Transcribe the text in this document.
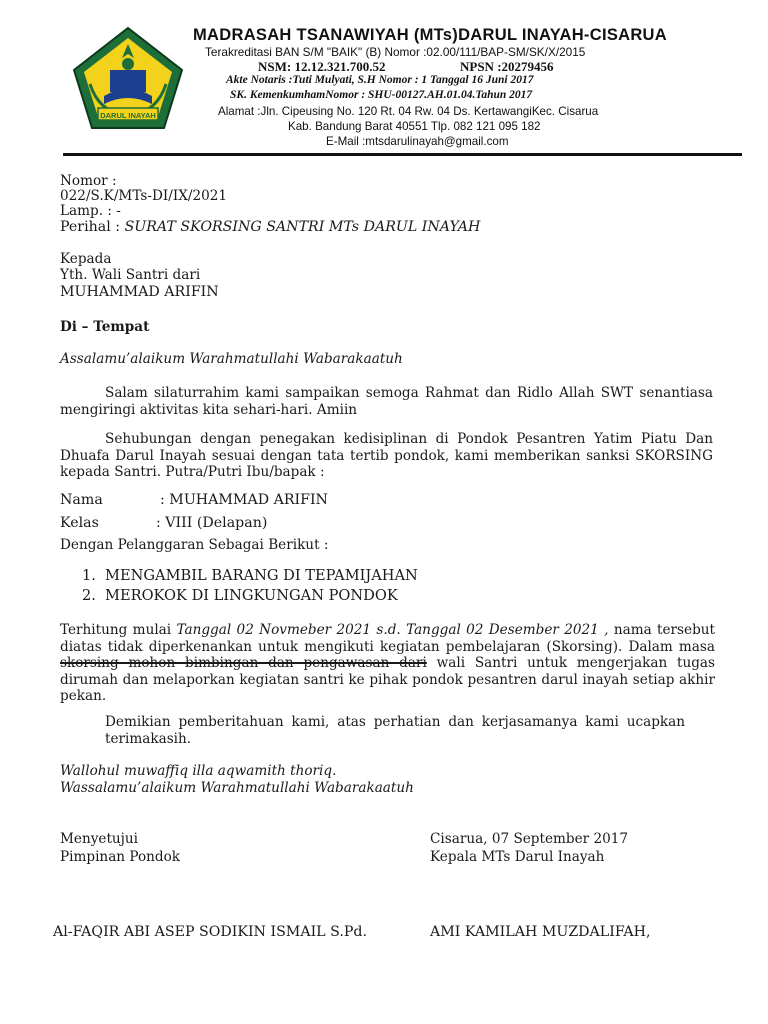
DARUL INAYAH
MADRASAH TSANAWIYAH (MTs)DARUL INAYAH-CISARUA
Terakreditasi BAN S/M "BAIK" (B) Nomor :02.00/111/BAP-SM/SK/X/2015
NSM: 12.12.321.700.52	NPSN :20279456
Akte Notaris :Tuti Mulyati, S.H Nomor : 1 Tanggal 16 Juni 2017
SK. KemenkumhamNomor : SHU-00127.AH.01.04.Tahun 2017
Alamat :Jln. Cipeusing No. 120 Rt. 04 Rw. 04 Ds. KertawangiKec. Cisarua
Kab. Bandung Barat 40551 Tlp. 082 121 095 182
E-Mail :mtsdarulinayah@gmail.com
Nomor :
022/S.K/MTs-DI/IX/2021
Lamp. : -
Perihal : SURAT SKORSING SANTRI MTs DARUL INAYAH
Kepada
Yth. Wali Santri dari
MUHAMMAD ARIFIN
Di – Tempat
Assalamu’alaikum Warahmatullahi Wabarakaatuh
Salam silaturrahim kami sampaikan semoga Rahmat dan Ridlo Allah SWT senantiasa mengiringi aktivitas kita sehari-hari. Amiin
Sehubungan dengan penegakan kedisiplinan di Pondok Pesantren Yatim Piatu Dan Dhuafa Darul Inayah sesuai dengan tata tertib pondok, kami memberikan sanksi SKORSING kepada Santri. Putra/Putri Ibu/bapak :
Nama	: MUHAMMAD ARIFIN
Kelas	: VIII (Delapan)
Dengan Pelanggaran Sebagai Berikut :
1. MENGAMBIL BARANG DI TEPAMIJAHAN
2. MEROKOK DI LINGKUNGAN PONDOK
Terhitung mulai Tanggal 02 Novmeber 2021 s.d. Tanggal 02 Desember 2021 , nama tersebut diatas tidak diperkenankan untuk mengikuti kegiatan pembelajaran (Skorsing). Dalam masa skorsing mohon bimbingan dan pengawasan dari wali Santri untuk mengerjakan tugas dirumah dan melaporkan kegiatan santri ke pihak pondok pesantren darul inayah setiap akhir pekan.
Demikian pemberitahuan kami, atas perhatian dan kerjasamanya kami ucapkan terimakasih.
Wallohul muwaffiq illa aqwamith thoriq.
Wassalamu’alaikum Warahmatullahi Wabarakaatuh
Menyetujui
Pimpinan Pondok
Al-FAQIR ABI ASEP SODIKIN ISMAIL S.Pd.
Cisarua, 07 September 2017
Kepala MTs Darul Inayah
AMI KAMILAH MUZDALIFAH,
